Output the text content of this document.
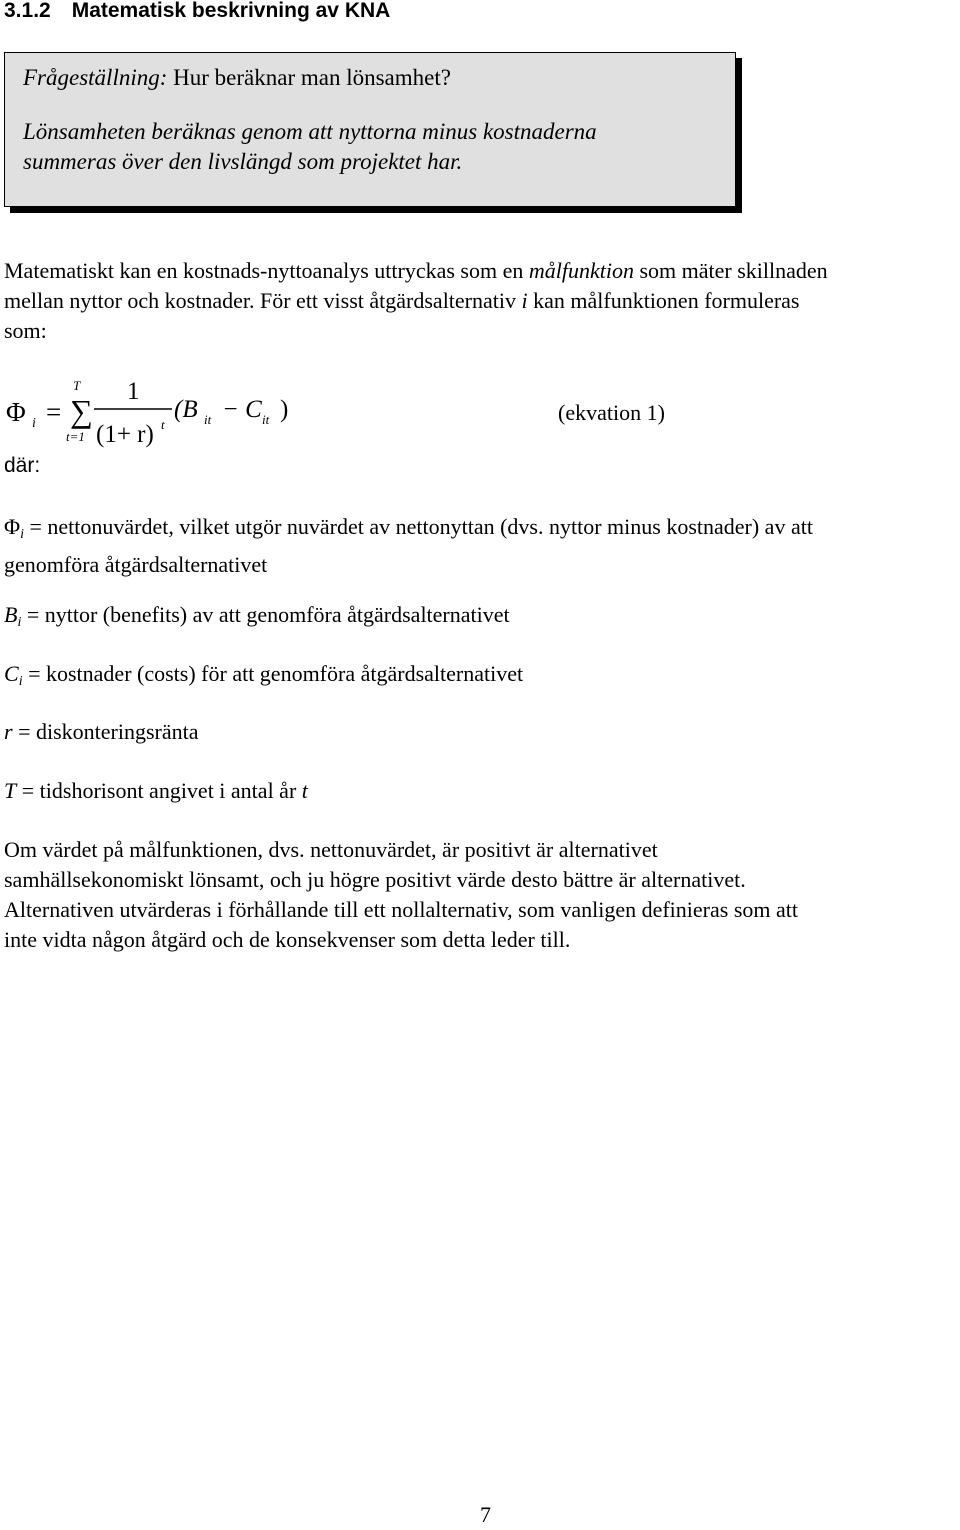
3.1.2 Matematisk beskrivning av KNA
Frågeställning: Hur beräknar man lönsamhet?
Lönsamheten beräknas genom att nyttorna minus kostnaderna
summeras över den livslängd som projektet har.
Matematiskt kan en kostnads-nyttoanalys uttryckas som en målfunktion som mäter skillnaden
mellan nyttor och kostnader. För ett visst åtgärdsalternativ i kan målfunktionen formuleras
som:
Φ i =
T
∑
t=1
1
(1+ r) t
(B it − C it )	(ekvation 1)
där:
$\Phi_i$ = nettonuvärdet, vilket utgör nuvärdet av nettonyttan (dvs. nyttor minus kostnader) av att
genomföra åtgärdsalternativet
$B_i$ = nyttor (benefits) av att genomföra åtgärdsalternativet
$C_i$ = kostnader (costs) för att genomföra åtgärdsalternativet
r = diskonteringsränta
T = tidshorisont angivet i antal år t
Om värdet på målfunktionen, dvs. nettonuvärdet, är positivt är alternativet
samhällsekonomiskt lönsamt, och ju högre positivt värde desto bättre är alternativet.
Alternativen utvärderas i förhållande till ett nollalternativ, som vanligen definieras som att
inte vidta någon åtgärd och de konsekvenser som detta leder till.
7
